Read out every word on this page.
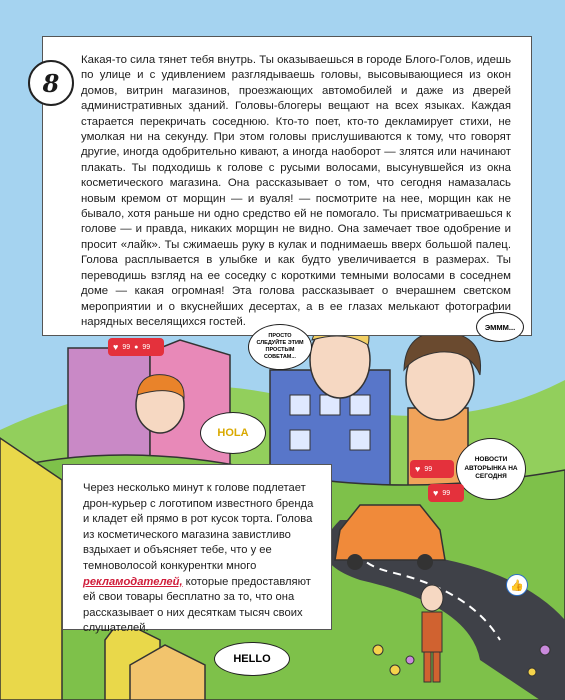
8

Какая-то сила тянет тебя внутрь. Ты оказываешься в городе Блого-Голов, идешь по улице и с удивлением разглядываешь головы, высовывающиеся из окон домов, витрин магазинов, проезжающих автомобилей и даже из дверей административных зданий. Головы-блогеры вещают на всех языках. Каждая старается перекричать соседнюю. Кто-то поет, кто-то декламирует стихи, не умолкая ни на секунду. При этом головы прислушиваются к тому, что говорят другие, иногда одобрительно кивают, а иногда наоборот — злятся или начинают плакать. Ты подходишь к голове с русыми волосами, высунувшейся из окна косметического магазина. Она рассказывает о том, что сегодня намазалась новым кремом от морщин — и вуаля! — посмотрите на нее, морщин как не бывало, хотя раньше ни одно средство ей не помогало. Ты присматриваешься к голове — и правда, никаких морщин не видно. Она замечает твое одобрение и просит «лайк». Ты сжимаешь руку в кулак и поднимаешь вверх большой палец. Голова расплывается в улыбке и как будто увеличивается в размерах. Ты переводишь взгляд на ее соседку с короткими темными волосами в соседнем доме — какая огромная! Эта голова рассказывает о вчерашнем светском мероприятии и о вкуснейших десертах, а в ее глазах мелькают фотографии нарядных веселящихся гостей.

Через несколько минут к голове подлетает дрон-курьер с логотипом известного бренда и кладет ей прямо в рот кусок торта. Голова из косметического магазина завистливо вздыхает и объясняет тебе, что у ее темноволосой конкурентки много рекламодателей, которые предоставляют ей свои товары бесплатно за то, что она рассказывает о них десяткам тысяч своих слушателей.

ПРОСТО СЛЕДУЙТЕ ЭТИМ ПРОСТЫМ СОВЕТАМ...
ЭММM...
HOLA
НОВОСТИ АВТОРЫНКА НА СЕГОДНЯ
HELLO
♥ 99 ● 99
♥ 99
♥ 99
👍
